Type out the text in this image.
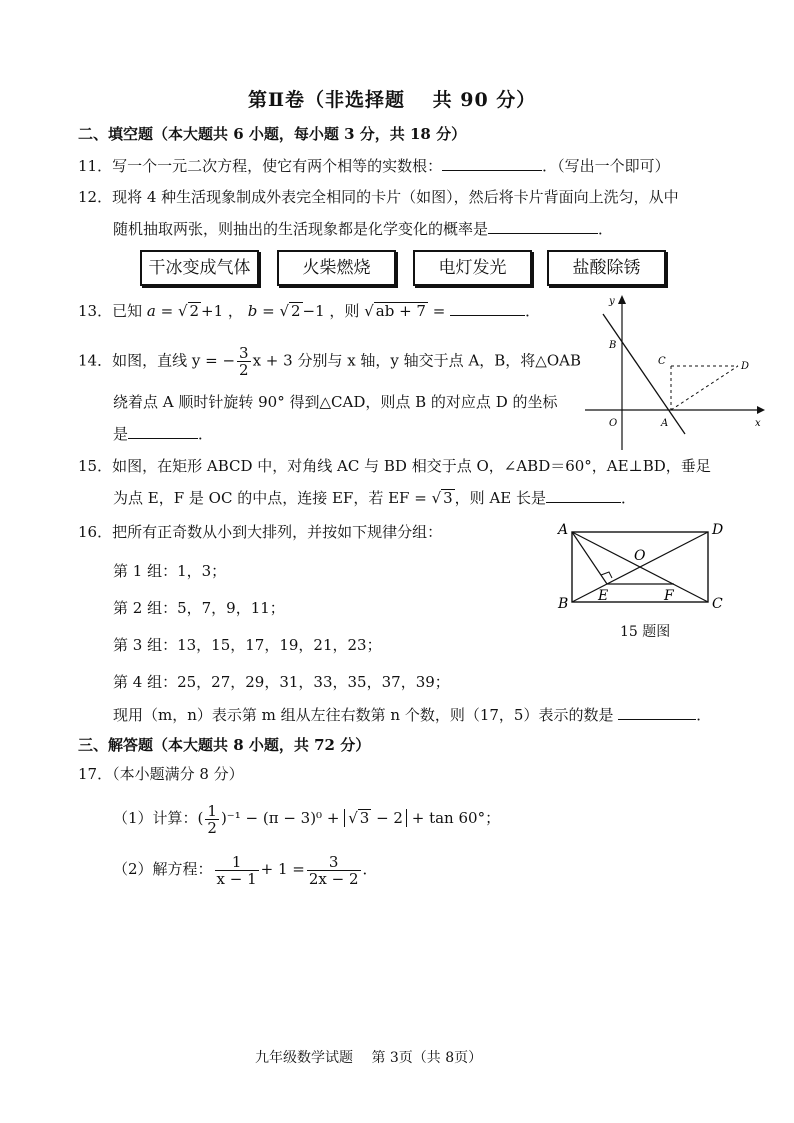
第Ⅱ卷（非选择题　 共 90 分）
二、填空题（本大题共 6 小题，每小题 3 分，共 18 分）
11．写一个一元二次方程，使它有两个相等的实数根：	．（写出一个即可）
12．现将 4 种生活现象制成外表完全相同的卡片（如图），然后将卡片背面向上洗匀，从中
随机抽取两张，则抽出的生活现象都是化学变化的概率是	．
干冰变成气体	火柴燃烧	电灯发光	盐酸除锈
13．已知 a = √ 2 +1 ， b = √ 2 −1 ，则 √ ab + 7 =	．
14．如图，直线 y = − $\frac{3}{2}$ x + 3 分别与 x 轴，y 轴交于点 A，B，将△OAB
绕着点 A 顺时针旋转 90° 得到△CAD，则点 B 的对应点 D 的坐标
是	．
y
x
O	A
B
C	D
15．如图，在矩形 ABCD 中，对角线 AC 与 BD 相交于点 O，∠ABD＝60°，AE⊥BD，垂足
为点 E，F 是 OC 的中点，连接 EF，若 EF = √ 3 ，则 AE 长是	．
A	D
B	C
O
E	F
15 题图
16．把所有正奇数从小到大排列，并按如下规律分组：
第 1 组：1，3；
第 2 组：5，7，9，11；
第 3 组：13，15，17，19，21，23；
第 4 组：25，27，29，31，33，35，37，39；
现用（m，n）表示第 m 组从左往右数第 n 个数，则（17，5）表示的数是	．
三、解答题（本大题共 8 小题，共 72 分）
17．（本小题满分 8 分）
（1）计算：( $\frac{1}{2} )^{-1} - (\pi - 3)^0$ + √ 3 − 2 + tan 60°；
（2）解方程： $\frac{1}{x - 1} + 1 = \frac{3}{2x - 2}$ ．
九年级数学试题　 第 3页（共 8页）
